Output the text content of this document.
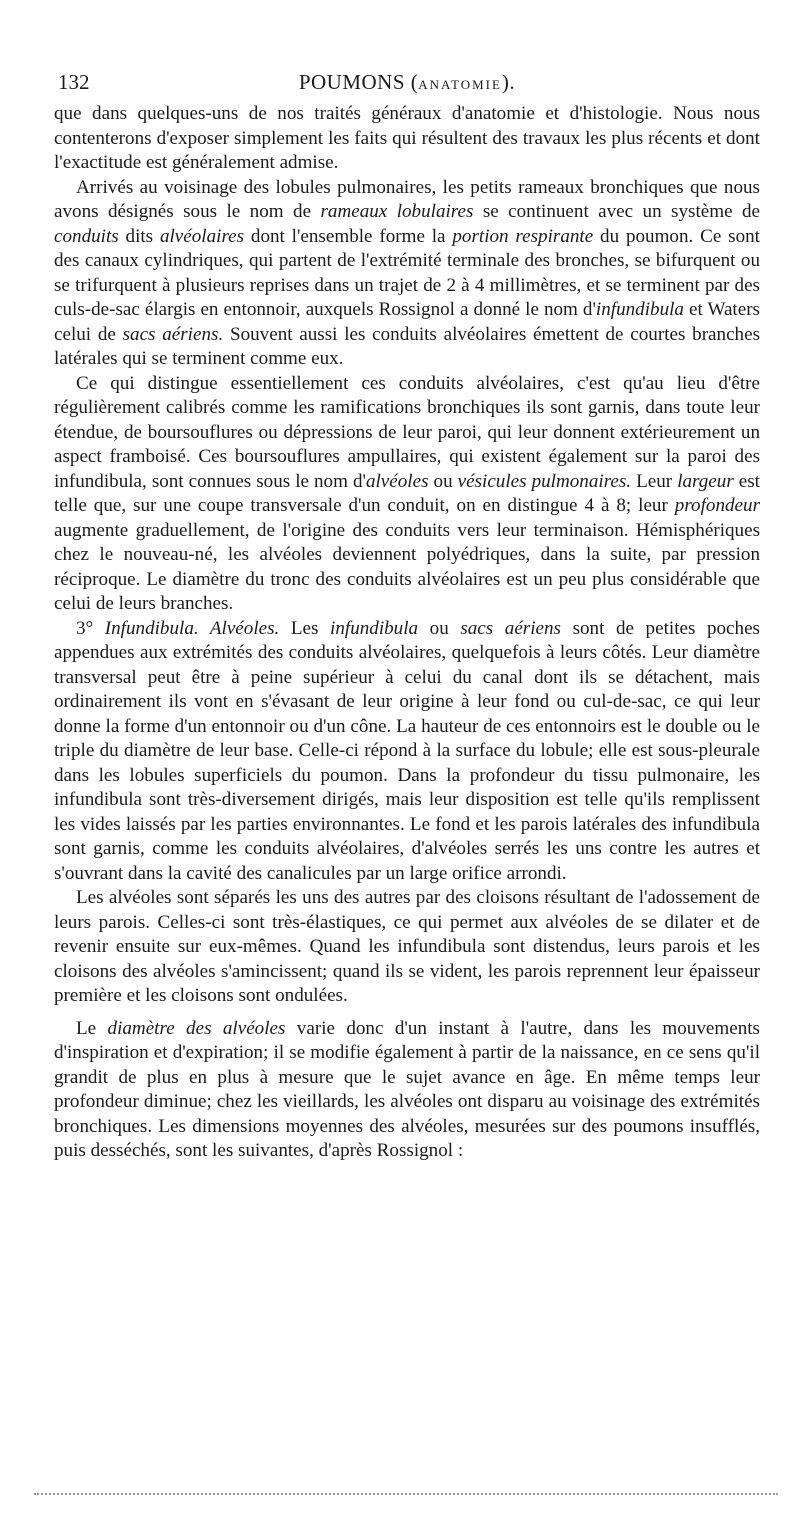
132	POUMONS (ANATOMIE).

que dans quelques-uns de nos traités généraux d'anatomie et d'histologie. Nous nous contenterons d'exposer simplement les faits qui résultent des travaux les plus récents et dont l'exactitude est généralement admise.

Arrivés au voisinage des lobules pulmonaires, les petits rameaux bronchiques que nous avons désignés sous le nom de rameaux lobulaires se continuent avec un système de conduits dits alvéolaires dont l'ensemble forme la portion respirante du poumon. Ce sont des canaux cylindriques, qui partent de l'extrémité terminale des bronches, se bifurquent ou se trifurquent à plusieurs reprises dans un trajet de 2 à 4 millimètres, et se terminent par des culs-de-sac élargis en entonnoir, auxquels Rossignol a donné le nom d'infundibula et Waters celui de sacs aériens. Souvent aussi les conduits alvéolaires émettent de courtes branches latérales qui se terminent comme eux.

Ce qui distingue essentiellement ces conduits alvéolaires, c'est qu'au lieu d'être régulièrement calibrés comme les ramifications bronchiques ils sont garnis, dans toute leur étendue, de boursouflures ou dépressions de leur paroi, qui leur donnent extérieurement un aspect framboisé. Ces boursouflures ampullaires, qui existent également sur la paroi des infundibula, sont connues sous le nom d'alvéoles ou vésicules pulmonaires. Leur largeur est telle que, sur une coupe transversale d'un conduit, on en distingue 4 à 8; leur profondeur augmente graduellement, de l'origine des conduits vers leur terminaison. Hémisphériques chez le nouveau-né, les alvéoles deviennent polyédriques, dans la suite, par pression réciproque. Le diamètre du tronc des conduits alvéolaires est un peu plus considérable que celui de leurs branches.

3° Infundibula. Alvéoles. Les infundibula ou sacs aériens sont de petites poches appendues aux extrémités des conduits alvéolaires, quelquefois à leurs côtés. Leur diamètre transversal peut être à peine supérieur à celui du canal dont ils se détachent, mais ordinairement ils vont en s'évasant de leur origine à leur fond ou cul-de-sac, ce qui leur donne la forme d'un entonnoir ou d'un cône. La hauteur de ces entonnoirs est le double ou le triple du diamètre de leur base. Celle-ci répond à la surface du lobule; elle est sous-pleurale dans les lobules superficiels du poumon. Dans la profondeur du tissu pulmonaire, les infundibula sont très-diversement dirigés, mais leur disposition est telle qu'ils remplissent les vides laissés par les parties environnantes. Le fond et les parois latérales des infundibula sont garnis, comme les conduits alvéolaires, d'alvéoles serrés les uns contre les autres et s'ouvrant dans la cavité des canalicules par un large orifice arrondi.

Les alvéoles sont séparés les uns des autres par des cloisons résultant de l'adossement de leurs parois. Celles-ci sont très-élastiques, ce qui permet aux alvéoles de se dilater et de revenir ensuite sur eux-mêmes. Quand les infundibula sont distendus, leurs parois et les cloisons des alvéoles s'amincissent; quand ils se vident, les parois reprennent leur épaisseur première et les cloisons sont ondulées.

Le diamètre des alvéoles varie donc d'un instant à l'autre, dans les mouvements d'inspiration et d'expiration; il se modifie également à partir de la naissance, en ce sens qu'il grandit de plus en plus à mesure que le sujet avance en âge. En même temps leur profondeur diminue; chez les vieillards, les alvéoles ont disparu au voisinage des extrémités bronchiques. Les dimensions moyennes des alvéoles, mesurées sur des poumons insufflés, puis desséchés, sont les suivantes, d'après Rossignol :
